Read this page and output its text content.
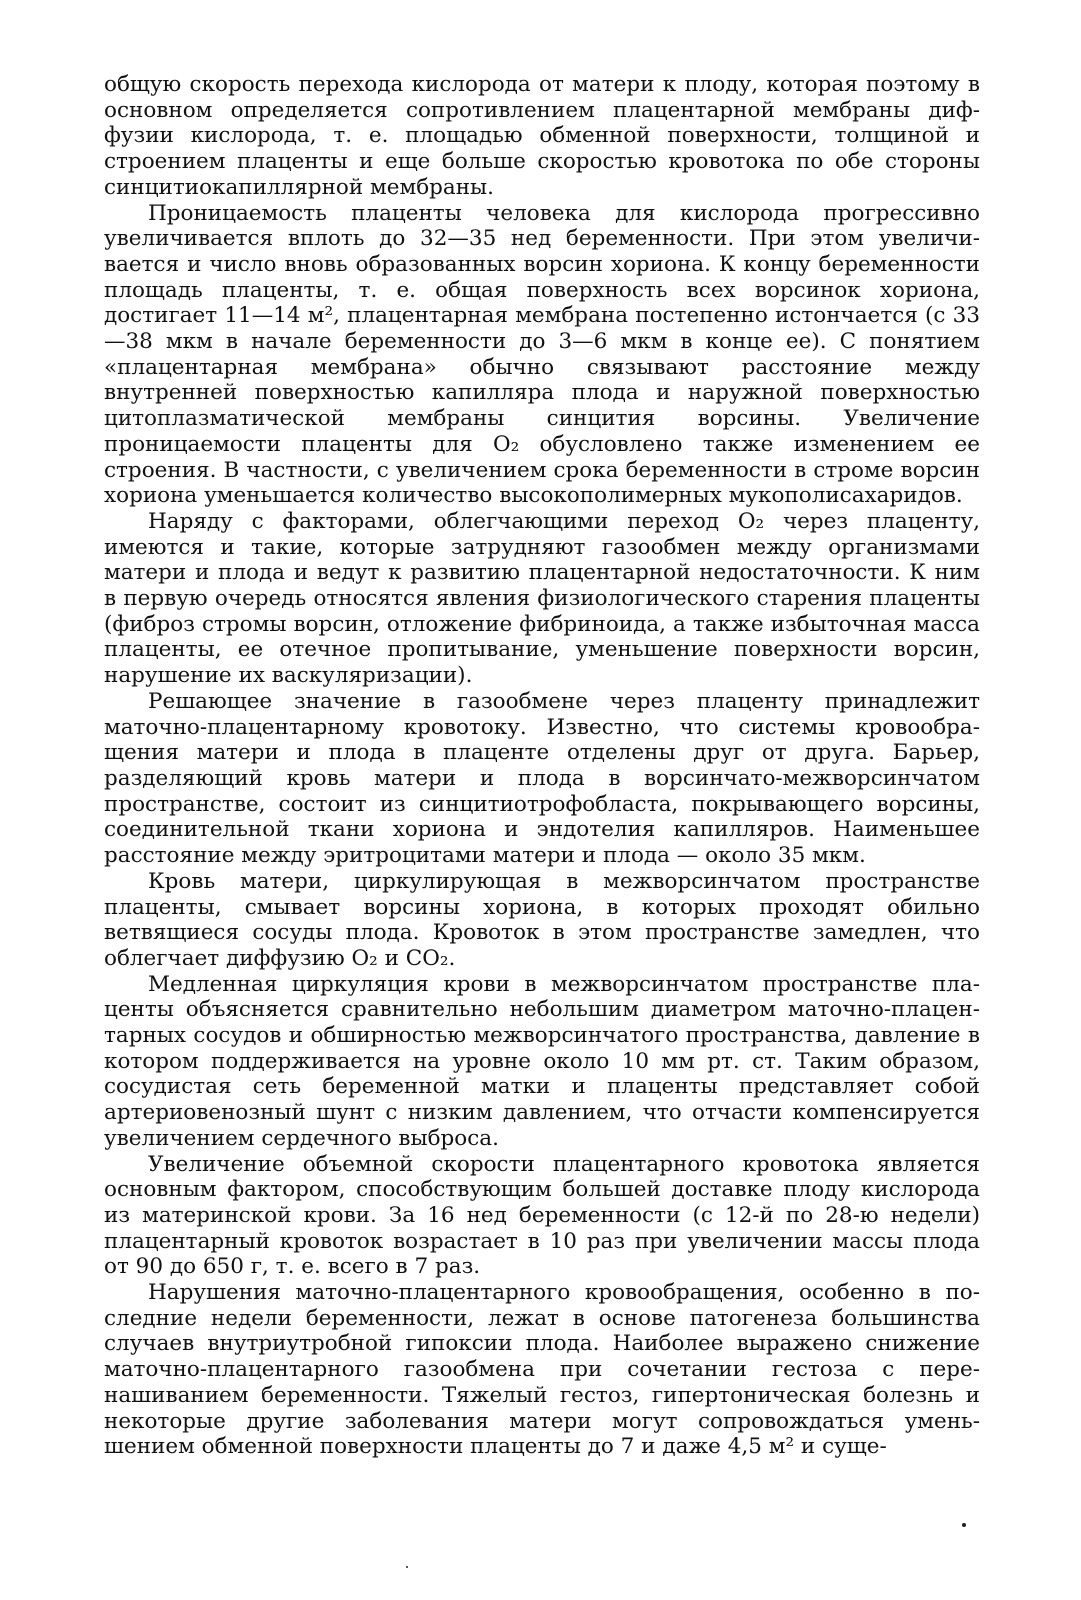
общую скорость перехода кислорода от матери к плоду, которая поэтому в основном определяется сопротивлением плацентарной мембраны диффузии кислорода, т. е. площадью обменной поверхности, толщиной и строением плаценты и еще больше скоростью кровотока по обе стороны синцитиокапиллярной мембраны.

Проницаемость плаценты человека для кислорода прогрессивно увеличивается вплоть до 32—35 нед беременности. При этом увеличивается и число вновь образованных ворсин хориона. К концу беременности площадь плаценты, т. е. общая поверхность всех ворсинок хориона, достигает 11—14 м², плацентарная мембрана постепенно истончается (с 33—38 мкм в начале беременности до 3—6 мкм в конце ее). С понятием «плацентарная мембрана» обычно связывают расстояние между внутренней поверхностью капилляра плода и наружной поверхностью цитоплазматической мембраны синцития ворсины. Увеличение проницаемости плаценты для O₂ обусловлено также изменением ее строения. В частности, с увеличением срока беременности в строме ворсин хориона уменьшается количество высокополимерных мукополисахаридов.

Наряду с факторами, облегчающими переход O₂ через плаценту, имеются и такие, которые затрудняют газообмен между организмами матери и плода и ведут к развитию плацентарной недостаточности. К ним в первую очередь относятся явления физиологического старения плаценты (фиброз стромы ворсин, отложение фибриноида, а также избыточная масса плаценты, ее отечное пропитывание, уменьшение поверхности ворсин, нарушение их васкуляризации).

Решающее значение в газообмене через плаценту принадлежит маточно-плацентарному кровотоку. Известно, что системы кровообращения матери и плода в плаценте отделены друг от друга. Барьер, разделяющий кровь матери и плода в ворсинчато-межворсинчатом пространстве, состоит из синцитиотрофобласта, покрывающего ворсины, соединительной ткани хориона и эндотелия капилляров. Наименьшее расстояние между эритроцитами матери и плода — около 35 мкм.

Кровь матери, циркулирующая в межворсинчатом пространстве плаценты, смывает ворсины хориона, в которых проходят обильно ветвящиеся сосуды плода. Кровоток в этом пространстве замедлен, что облегчает диффузию O₂ и CO₂.

Медленная циркуляция крови в межворсинчатом пространстве плаценты объясняется сравнительно небольшим диаметром маточно-плацентарных сосудов и обширностью межворсинчатого пространства, давление в котором поддерживается на уровне около 10 мм рт. ст. Таким образом, сосудистая сеть беременной матки и плаценты представляет собой артериовенозный шунт с низким давлением, что отчасти компенсируется увеличением сердечного выброса.

Увеличение объемной скорости плацентарного кровотока является основным фактором, способствующим большей доставке плоду кислорода из материнской крови. За 16 нед беременности (с 12-й по 28-ю недели) плацентарный кровоток возрастает в 10 раз при увеличении массы плода от 90 до 650 г, т. е. всего в 7 раз.

Нарушения маточно-плацентарного кровообращения, особенно в последние недели беременности, лежат в основе патогенеза большинства случаев внутриутробной гипоксии плода. Наиболее выражено снижение маточно-плацентарного газообмена при сочетании гестоза с перенашиванием беременности. Тяжелый гестоз, гипертоническая болезнь и некоторые другие заболевания матери могут сопровождаться уменьшением обменной поверхности плаценты до 7 и даже 4,5 м² и суще-
